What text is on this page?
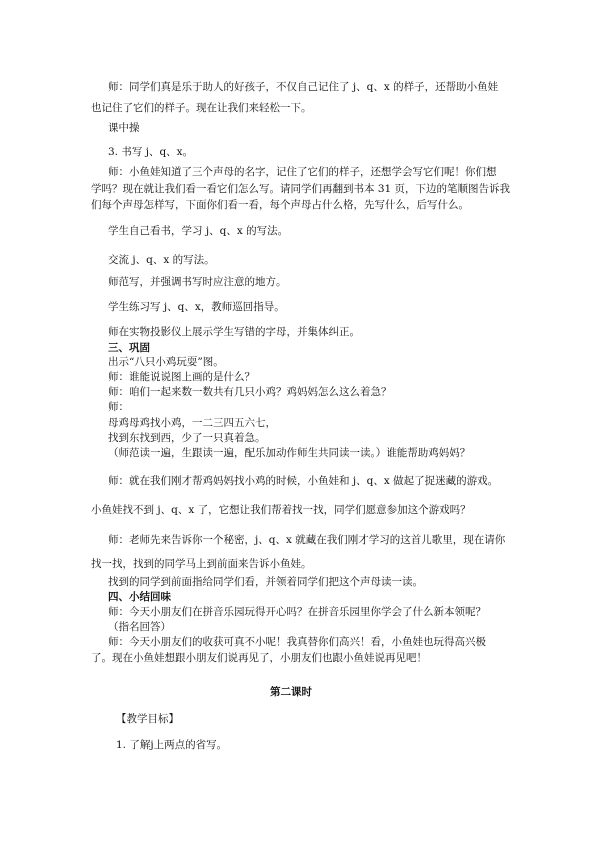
师：同学们真是乐于助人的好孩子，不仅自己记住了 j、q、x 的样子，还帮助小鱼娃
也记住了它们的样子。现在让我们来轻松一下。
课中操
3. 书写 j、q、x。
师：小鱼娃知道了三个声母的名字，记住了它们的样子，还想学会写它们呢！你们想
学吗？现在就让我们看一看它们怎么写。请同学们再翻到书本 31 页，下边的笔顺图告诉我
们每个声母怎样写，下面你们看一看，每个声母占什么格，先写什么，后写什么。
学生自己看书，学习 j、q、x 的写法。
交流 j、q、x 的写法。
师范写，并强调书写时应注意的地方。
学生练习写 j、q、x，教师巡回指导。
师在实物投影仪上展示学生写错的字母，并集体纠正。
三、巩固
出示“八只小鸡玩耍”图。
师：谁能说说图上画的是什么？
师：咱们一起来数一数共有几只小鸡？鸡妈妈怎么这么着急？
师：
母鸡母鸡找小鸡，一二三四五六七，
找到东找到西，少了一只真着急。
（师范读一遍，生跟读一遍，配乐加动作师生共同读一读。）谁能帮助鸡妈妈？
师：就在我们刚才帮鸡妈妈找小鸡的时候，小鱼娃和 j、q、x 做起了捉迷藏的游戏。
小鱼娃找不到 j、q、x 了，它想让我们帮着找一找，同学们愿意参加这个游戏吗？
师：老师先来告诉你一个秘密，j、q、x 就藏在我们刚才学习的这首儿歌里，现在请你
找一找，找到的同学马上到前面来告诉小鱼娃。
找到的同学到前面指给同学们看，并领着同学们把这个声母读一读。
四、小结回味
师：今天小朋友们在拼音乐园玩得开心吗？在拼音乐园里你学会了什么新本领呢？
（指名回答）
师：今天小朋友们的收获可真不小呢！我真替你们高兴！看，小鱼娃也玩得高兴极
了。现在小鱼娃想跟小朋友们说再见了，小朋友们也跟小鱼娃说再见吧！
第二课时
【教学目标】
1. 了解j上两点的省写。
